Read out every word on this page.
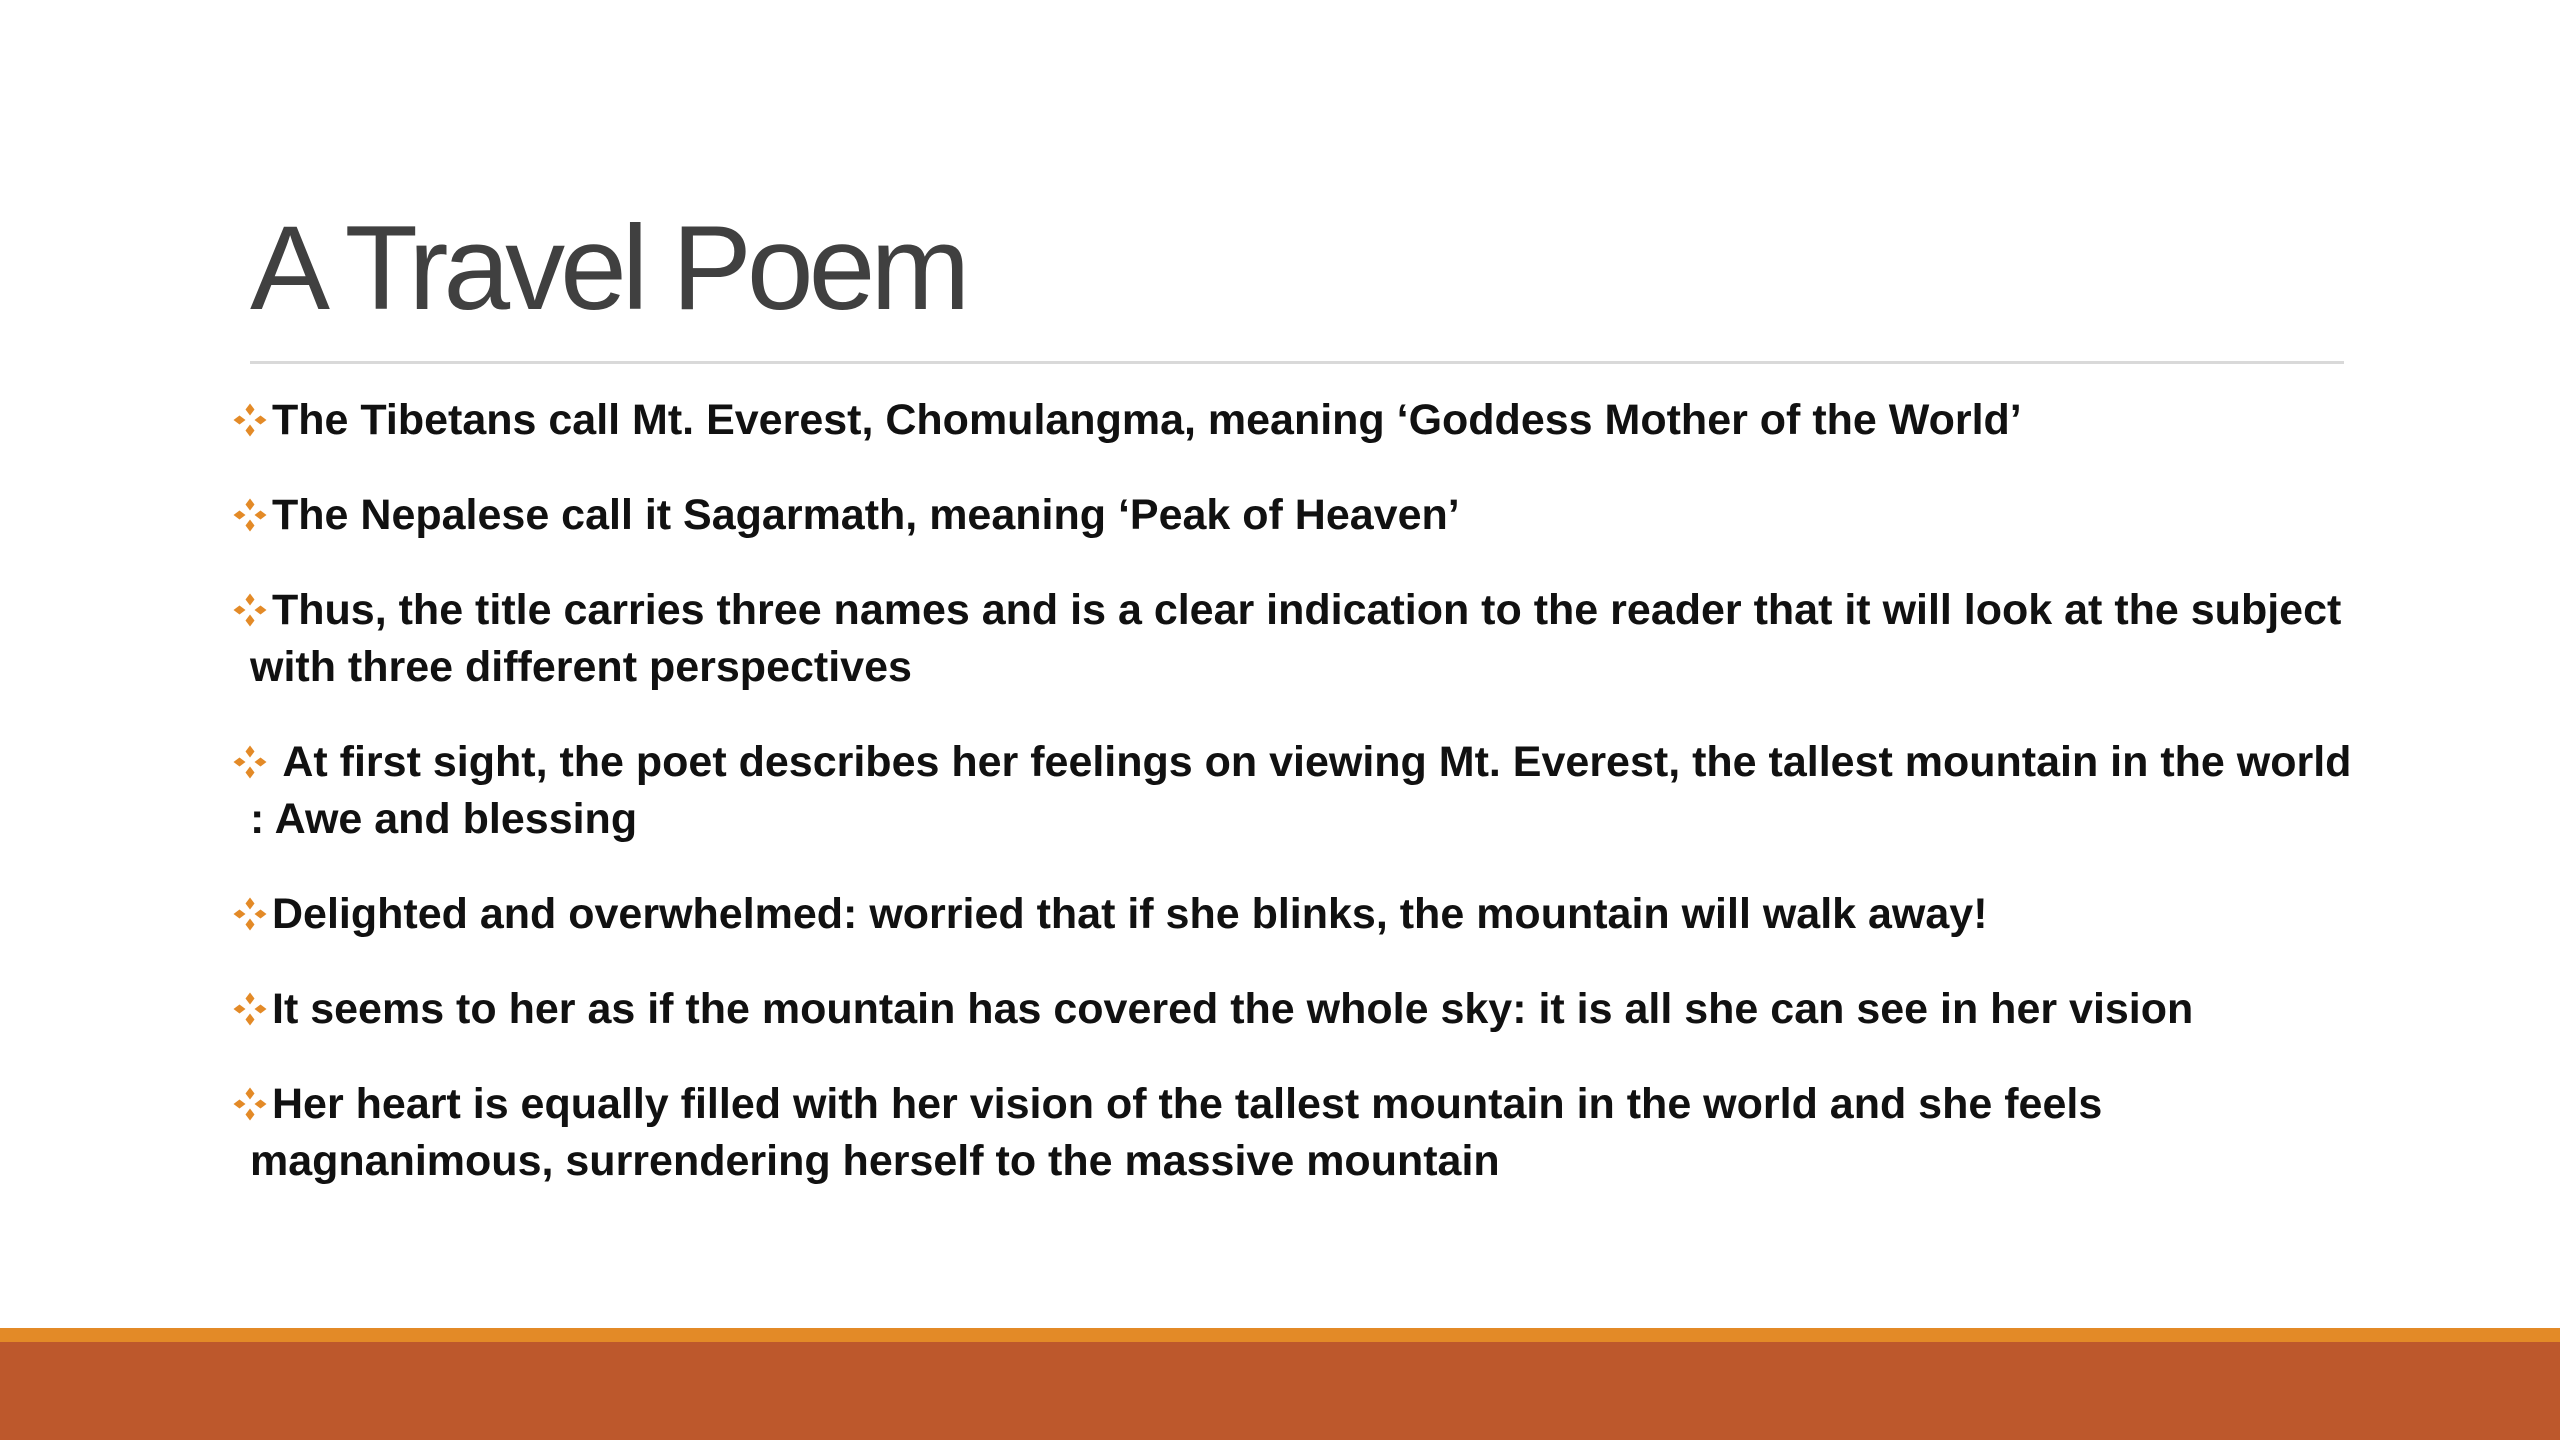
A Travel Poem
The Tibetans call Mt. Everest, Chomulangma, meaning ‘Goddess Mother of the World’
The Nepalese call it Sagarmath, meaning ‘Peak of Heaven’
Thus, the title carries three names and is a clear indication to the reader that it will look at the subject with three different perspectives
At first sight, the poet describes her feelings on viewing Mt. Everest, the tallest mountain in the world : Awe and blessing
Delighted and overwhelmed: worried that if she blinks, the mountain will walk away!
It seems to her as if the mountain has covered the whole sky: it is all she can see in her vision
Her heart is equally filled with her vision of the tallest mountain in the world and she feels magnanimous, surrendering herself to the massive mountain
